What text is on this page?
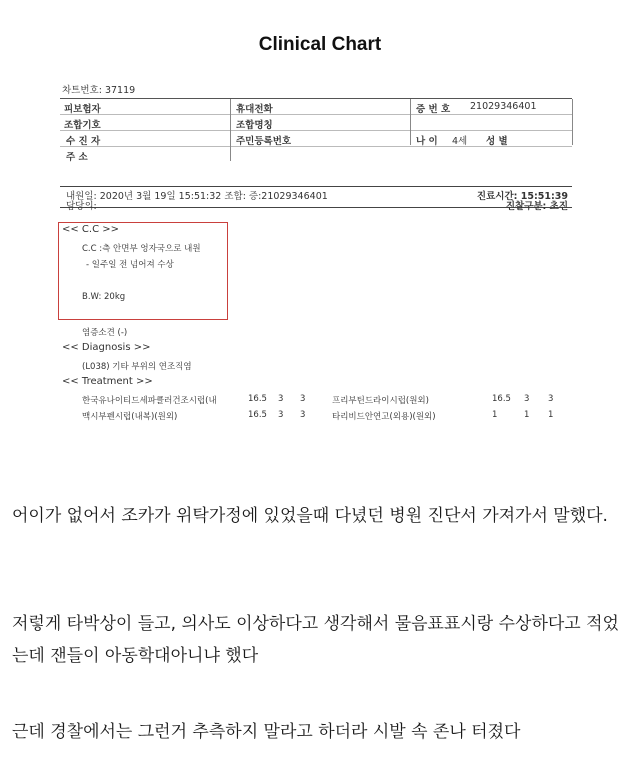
Clinical Chart
차트번호: 37119
피보험자	휴대전화	증 번 호 21029346401
조합기호	조합명칭
수 진 자	주민등록번호	나 이 4세 성 별
주 소
내원일: 2020년 3월 19일 15:51:32 조합: 증:21029346401
담당의:
진료시간: 15:51:39
진찰구분: 초진
<< C.C >>
C.C :측 안면부 엉자국으로 내원
- 일주일 전 넘어져 수상
B.W: 20kg
염증소견 (-)
<< Diagnosis >>
(L038) 기타 부위의 연조직염
<< Treatment >>
한국유나이티드세파클러건조시럽(내	16.5 3 3	프리부틴드라이시럽(원외)	16.5 3 3
맥시부펜시럽(내복)(원외)	16.5 3 3	타리비드안연고(외용)(원외)	1	1 1
어이가 없어서 조카가 위탁가정에 있었을때 다녔던 병원 진단서 가져가서 말했다.
저렇게 타박상이 들고, 의사도 이상하다고 생각해서 물음표표시랑 수상하다고 적었는데 잰들이 아동학대아니냐 했다
근데 경찰에서는 그런거 추측하지 말라고 하더라 시발 속 존나 터졌다
